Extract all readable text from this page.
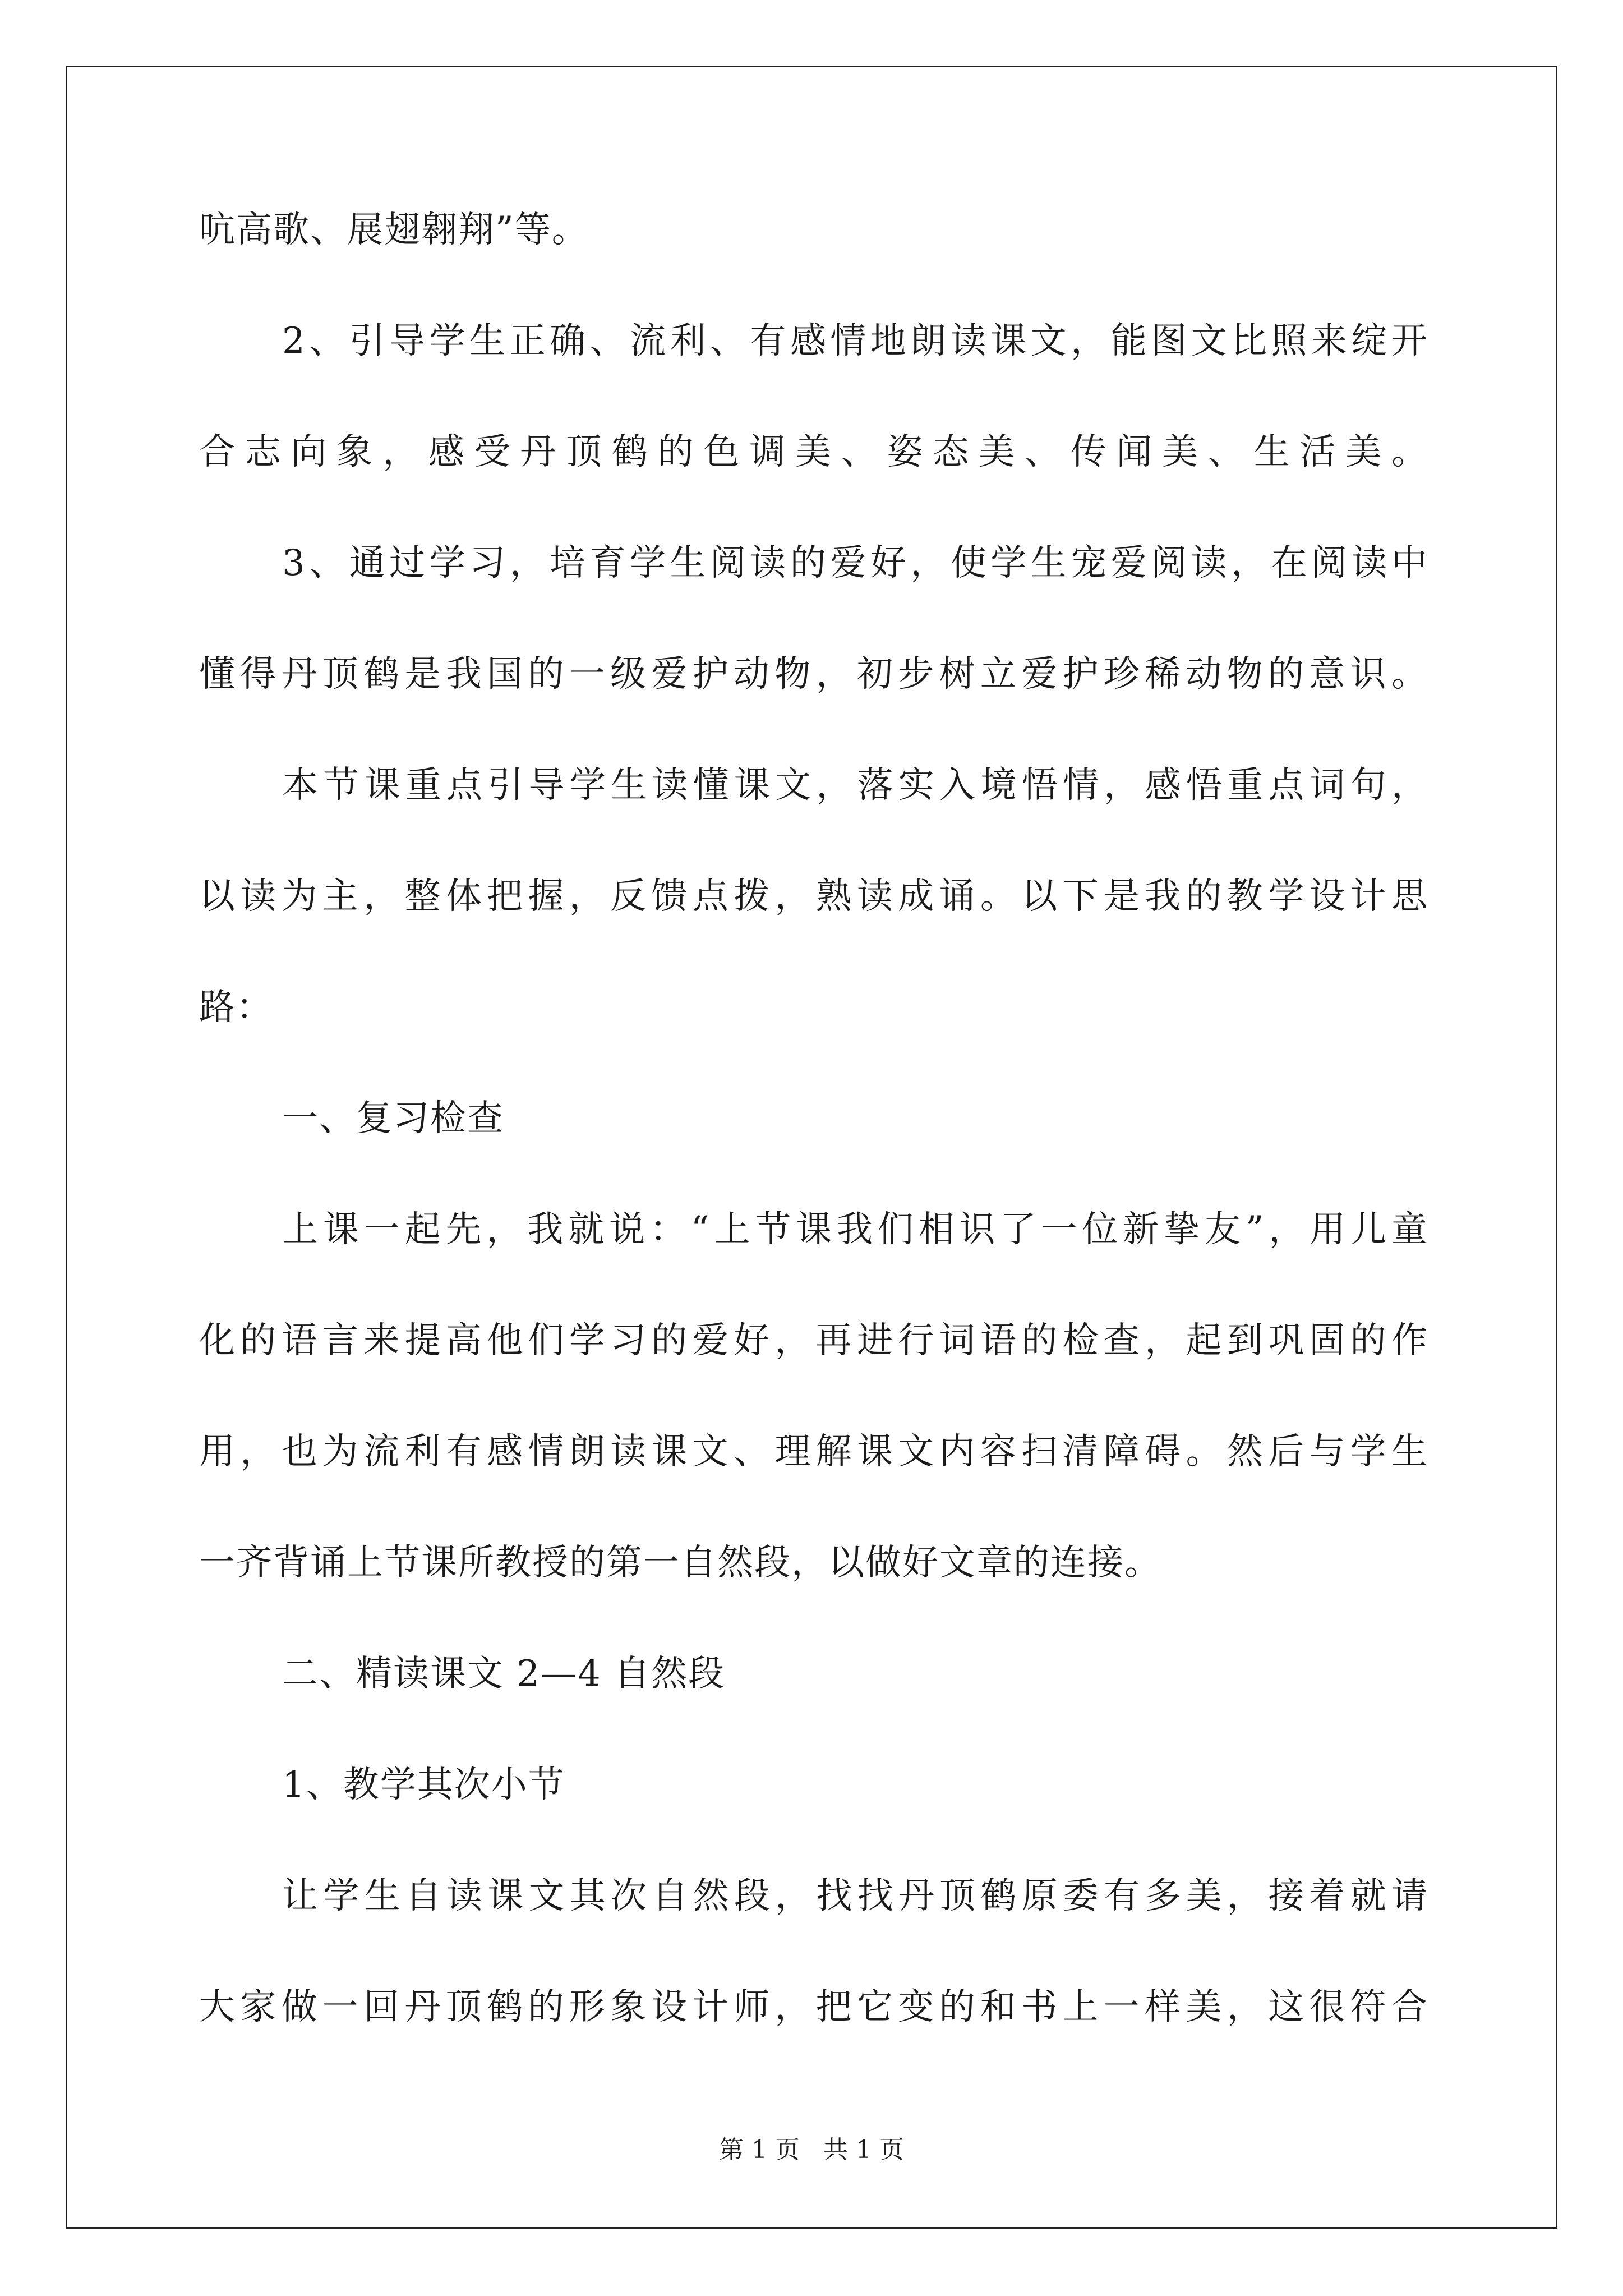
吭高歌、展翅翱翔”等。
2、引导学生正确、流利、有感情地朗读课文，能图文比照来绽开
合志向象，感受丹顶鹤的色调美、姿态美、传闻美、生活美。
3、通过学习，培育学生阅读的爱好，使学生宠爱阅读，在阅读中
懂得丹顶鹤是我国的一级爱护动物，初步树立爱护珍稀动物的意识。
本节课重点引导学生读懂课文，落实入境悟情，感悟重点词句，
以读为主，整体把握，反馈点拨，熟读成诵。以下是我的教学设计思
路：
一、复习检查
上课一起先，我就说：“上节课我们相识了一位新挚友”，用儿童
化的语言来提高他们学习的爱好，再进行词语的检查，起到巩固的作
用，也为流利有感情朗读课文、理解课文内容扫清障碍。然后与学生
一齐背诵上节课所教授的第一自然段，以做好文章的连接。
二、精读课文 2—4 自然段
1、教学其次小节
让学生自读课文其次自然段，找找丹顶鹤原委有多美，接着就请
大家做一回丹顶鹤的形象设计师，把它变的和书上一样美，这很符合
第 1 页   共 1 页
